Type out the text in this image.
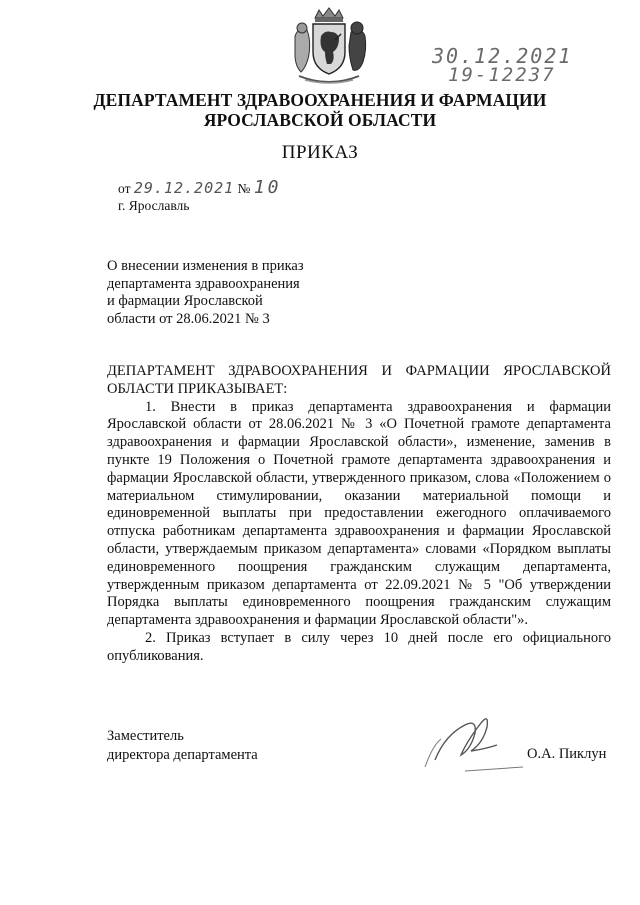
30.12.2021
19-12237
ДЕПАРТАМЕНТ ЗДРАВООХРАНЕНИЯ И ФАРМАЦИИ
ЯРОСЛАВСКОЙ ОБЛАСТИ
ПРИКАЗ
от 29.12.2021 № 10
г. Ярославль
О внесении изменения в приказ
департамента здравоохранения
и фармации Ярославской
области от 28.06.2021 № 3

ДЕПАРТАМЕНТ ЗДРАВООХРАНЕНИЯ И ФАРМАЦИИ ЯРОСЛАВСКОЙ ОБЛАСТИ ПРИКАЗЫВАЕТ:

1. Внести в приказ департамента здравоохранения и фармации Ярославской области от 28.06.2021 № 3 «О Почетной грамоте департамента здравоохранения и фармации Ярославской области», изменение, заменив в пункте 19 Положения о Почетной грамоте департамента здравоохранения и фармации Ярославской области, утвержденного приказом, слова «Положением о материальном стимулировании, оказании материальной помощи и единовременной выплаты при предоставлении ежегодного оплачиваемого отпуска работникам департамента здравоохранения и фармации Ярославской области, утверждаемым приказом департамента» словами «Порядком выплаты единовременного поощрения гражданским служащим департамента, утвержденным приказом департамента от 22.09.2021 № 5 "Об утверждении Порядка выплаты единовременного поощрения гражданским служащим департамента здравоохранения и фармации Ярославской области"».

2. Приказ вступает в силу через 10 дней после его официального опубликования.

Заместитель
директора департамента	О.А. Пиклун
